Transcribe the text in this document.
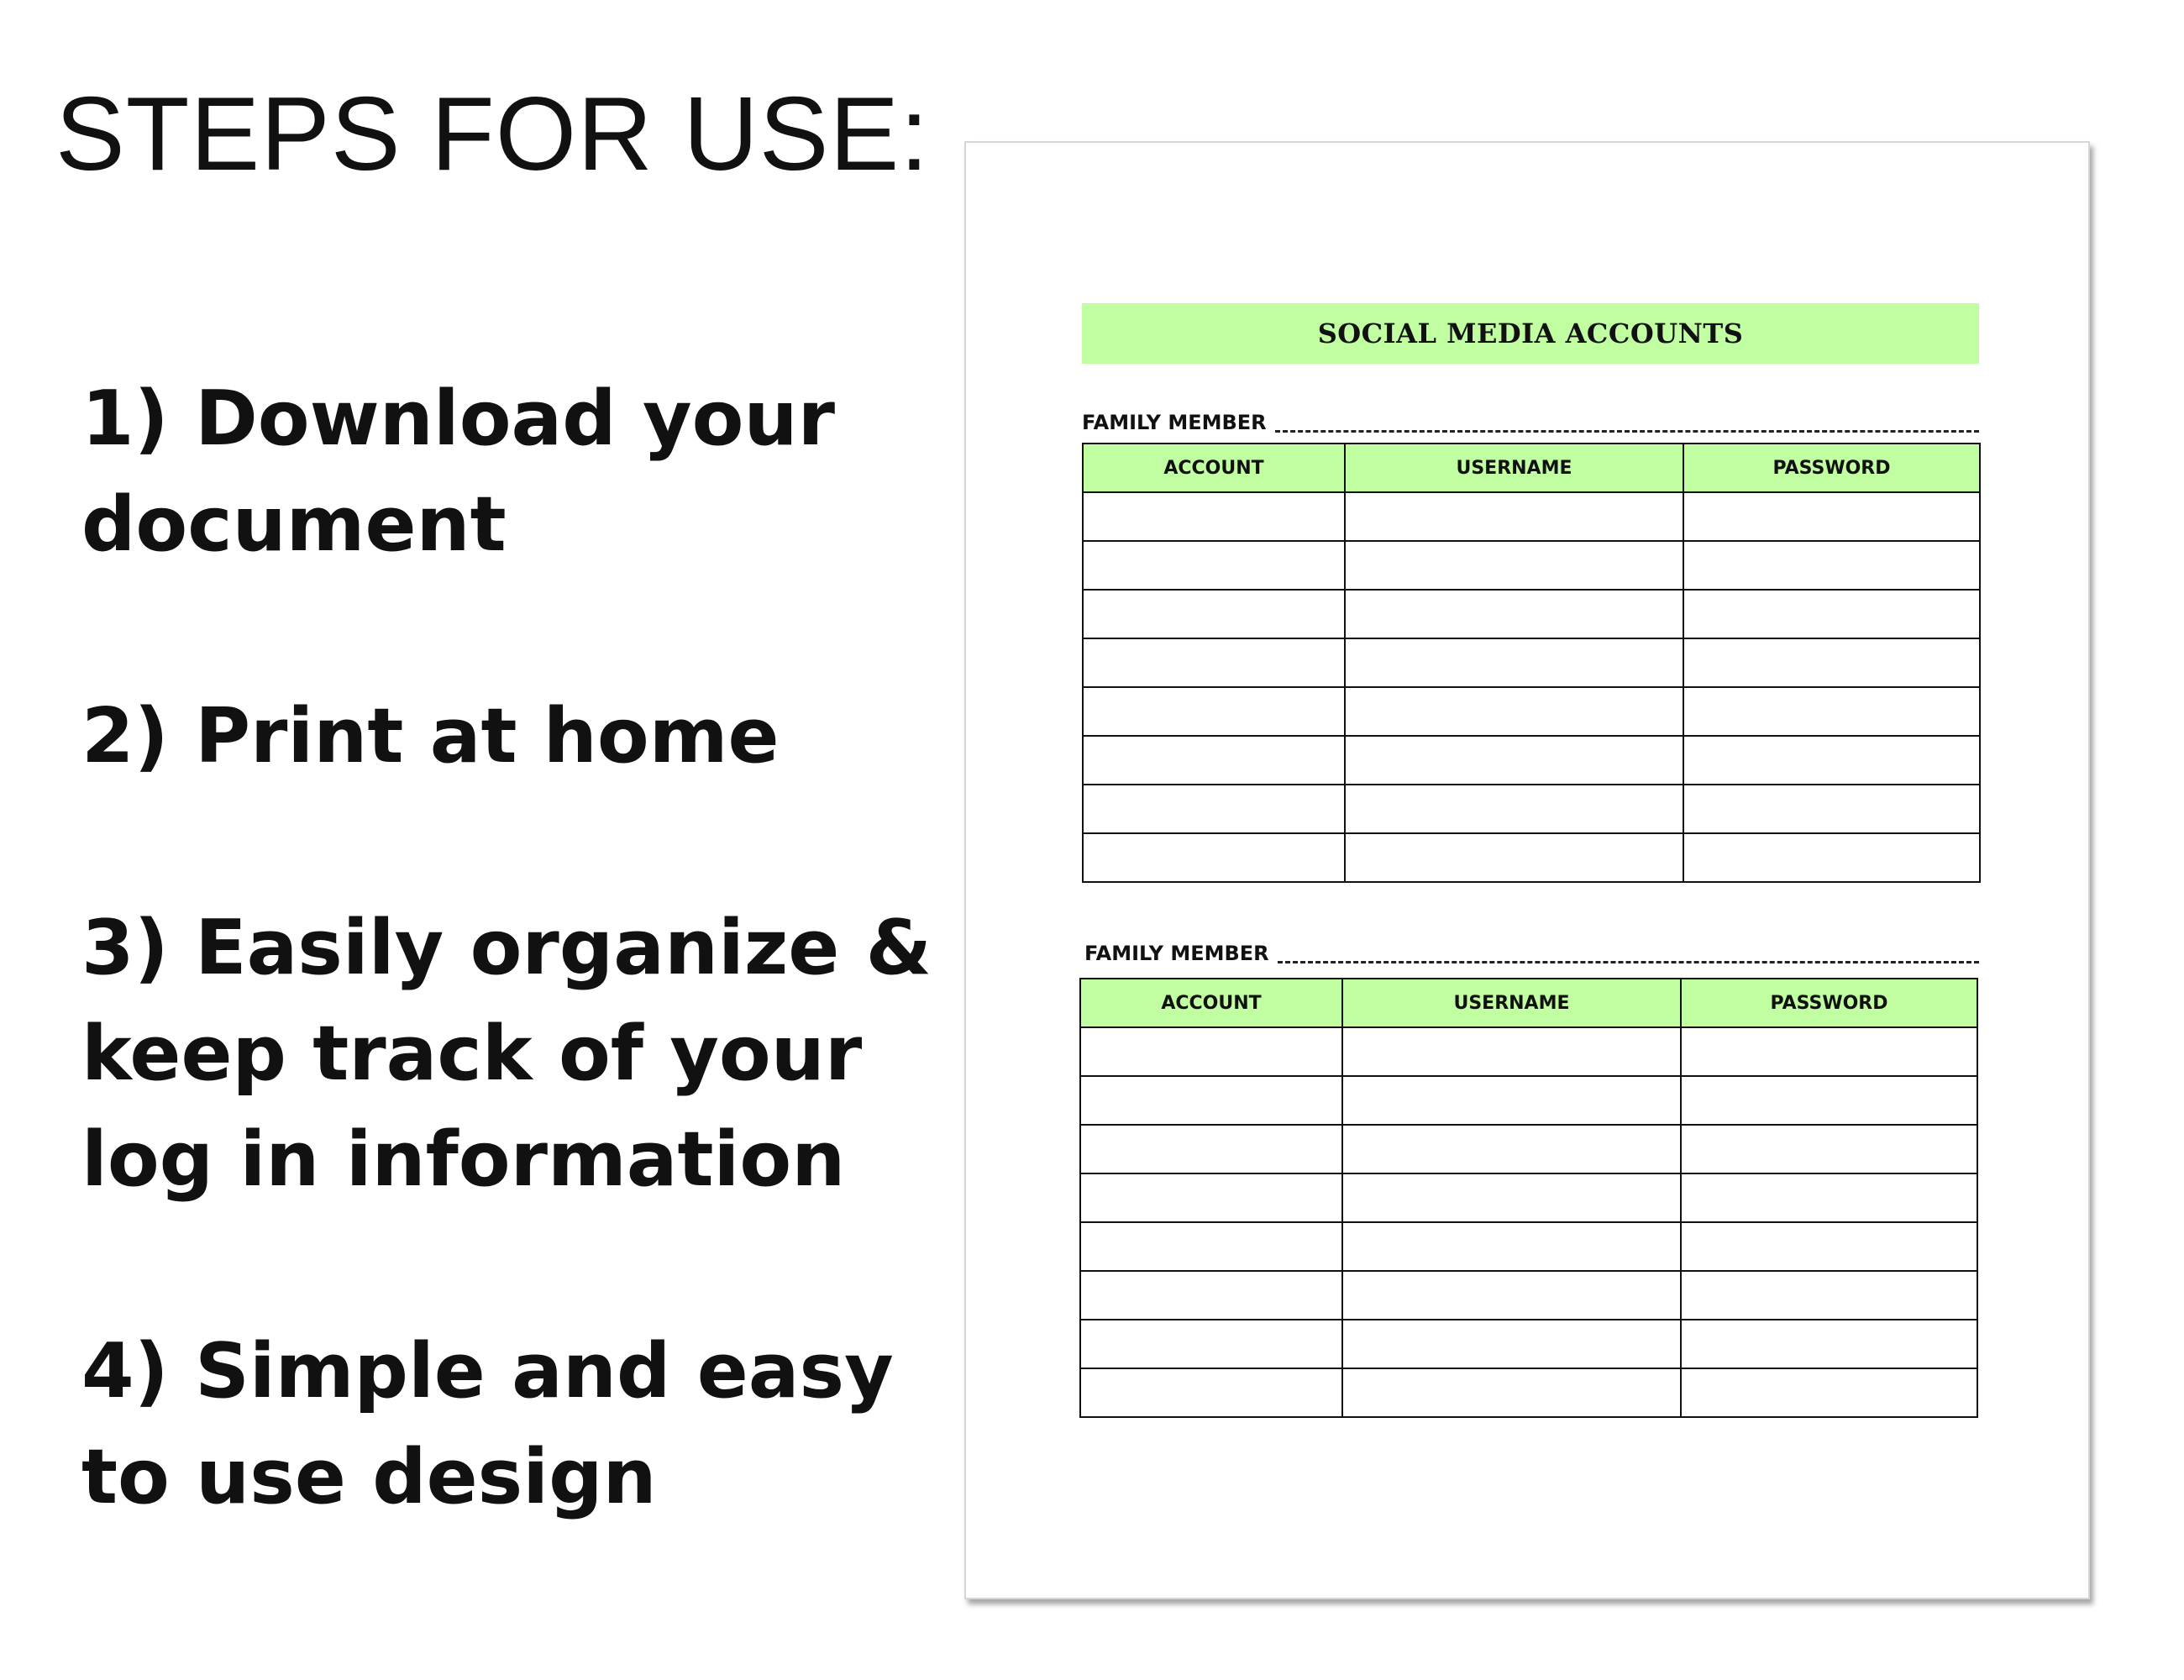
STEPS FOR USE:
1) Download your
document
2) Print at home
3) Easily organize &
keep track of your
log in information
4) Simple and easy
to use design
SOCIAL MEDIA ACCOUNTS
FAMILY MEMBER
ACCOUNT	USERNAME	PASSWORD

FAMILY MEMBER
ACCOUNT	USERNAME	PASSWORD
